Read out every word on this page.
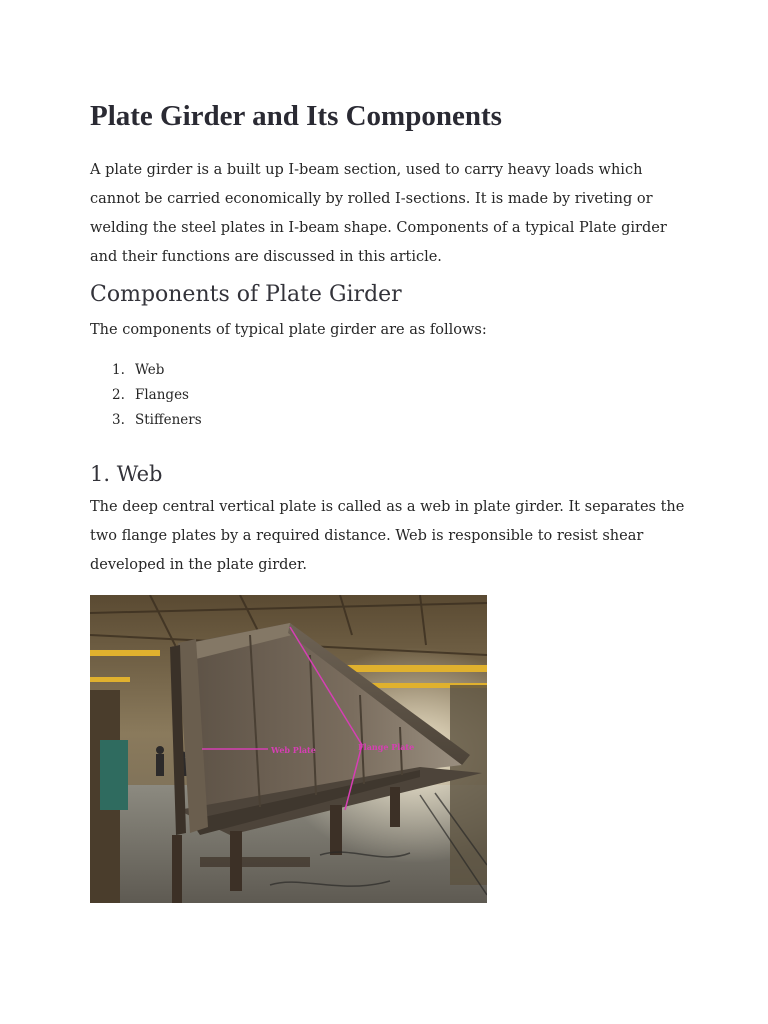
Plate Girder and Its Components

A plate girder is a built up I-beam section, used to carry heavy loads which cannot be carried economically by rolled I-sections. It is made by riveting or welding the steel plates in I-beam shape. Components of a typical Plate girder and their functions are discussed in this article.

Components of Plate Girder

The components of typical plate girder are as follows:

1. Web
2. Flanges
3. Stiffeners
1. Web

The deep central vertical plate is called as a web in plate girder. It separates the two flange plates by a required distance. Web is responsible to resist shear developed in the plate girder.

Web Plate	Flange Plate
